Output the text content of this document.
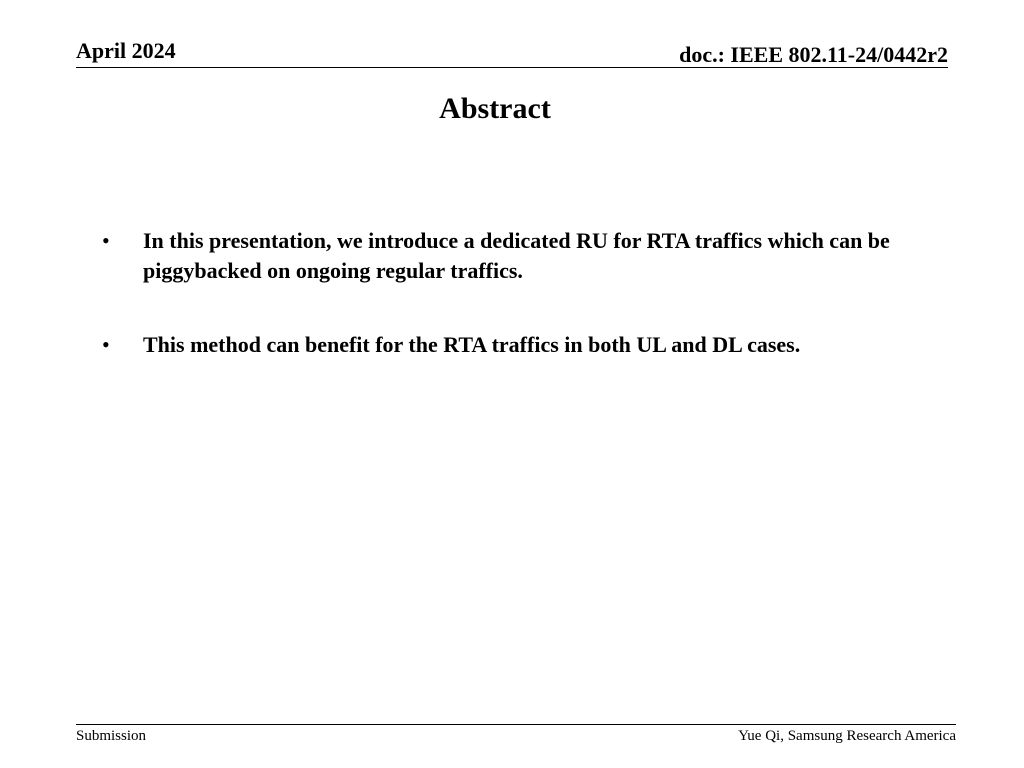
April 2024	doc.: IEEE 802.11-24/0442r2
Abstract
• In this presentation, we introduce a dedicated RU for RTA traffics which can be piggybacked on ongoing regular traffics.
• This method can benefit for the RTA traffics in both UL and DL cases.
Submission	Yue Qi, Samsung Research America
